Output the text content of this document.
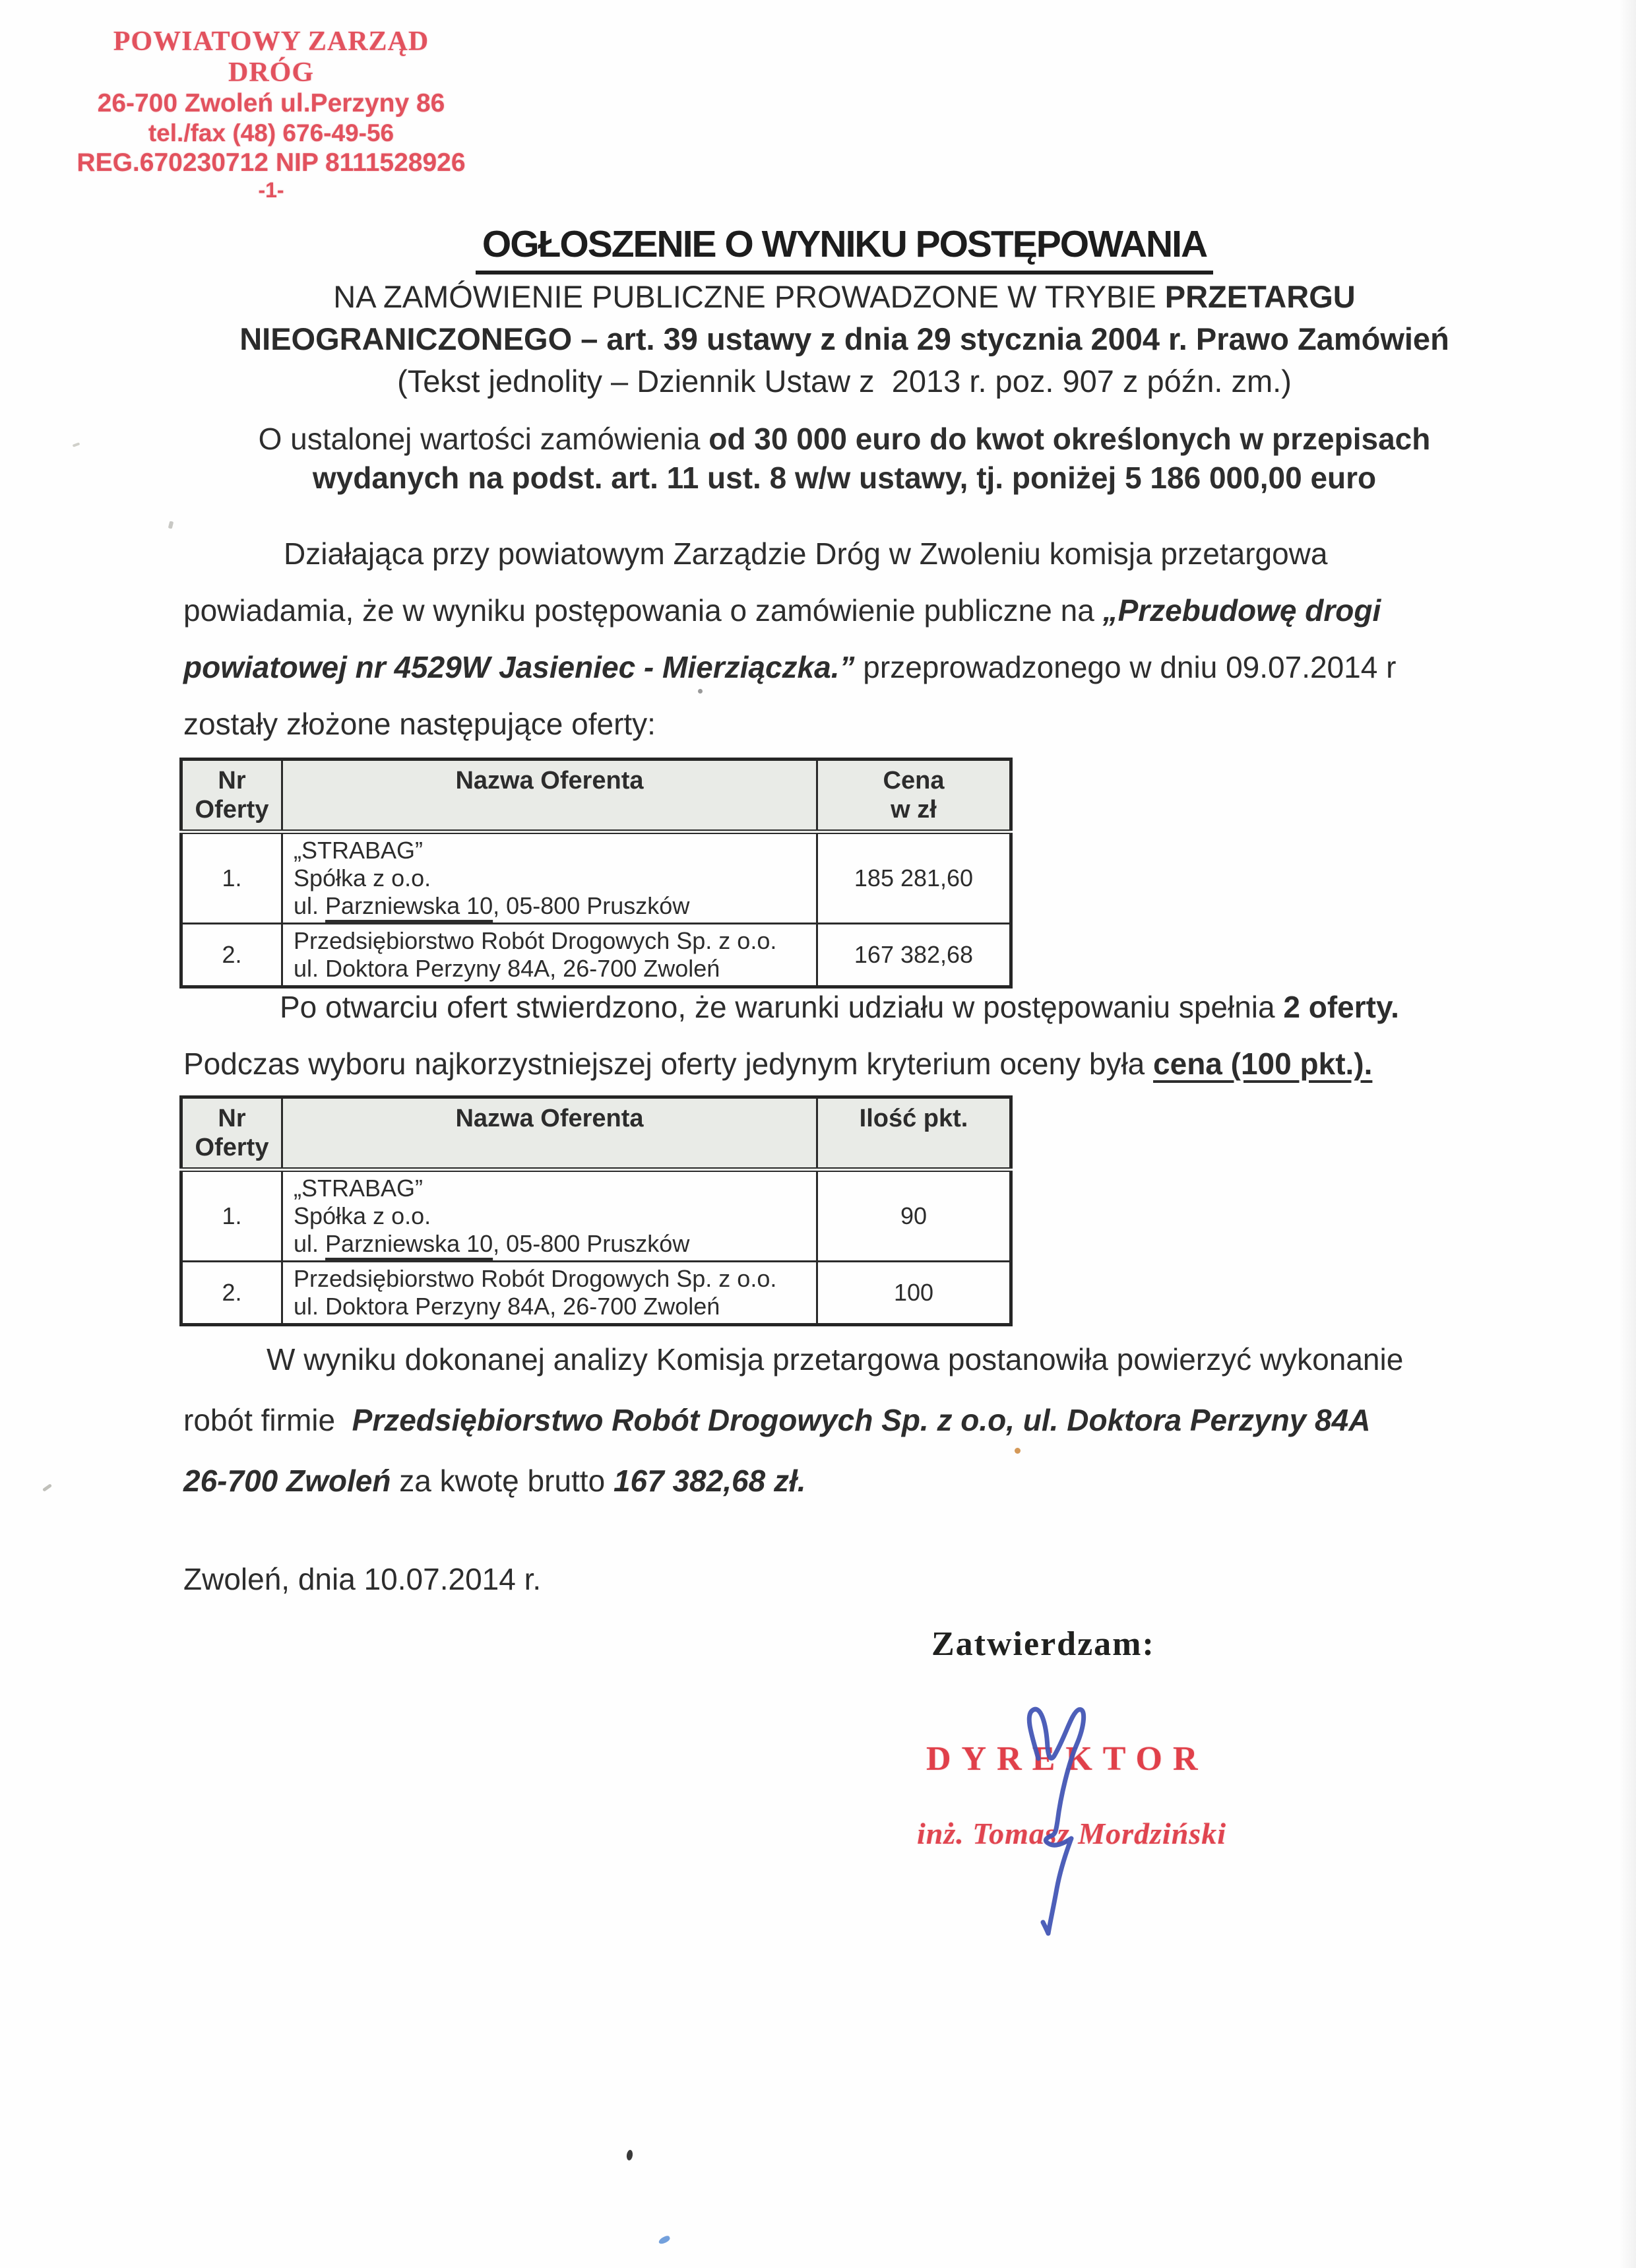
POWIATOWY ZARZĄD DRÓG
26-700 Zwoleń ul.Perzyny 86
tel./fax (48) 676-49-56
REG.670230712 NIP 8111528926
-1-
OGŁOSZENIE O WYNIKU POSTĘPOWANIA
NA ZAMÓWIENIE PUBLICZNE PROWADZONE W TRYBIE PRZETARGU
NIEOGRANICZONEGO – art. 39 ustawy z dnia 29 stycznia 2004 r. Prawo Zamówień
(Tekst jednolity – Dziennik Ustaw z  2013 r. poz. 907 z późn. zm.)
O ustalonej wartości zamówienia od 30 000 euro do kwot określonych w przepisach
wydanych na podst. art. 11 ust. 8 w/w ustawy, tj. poniżej 5 186 000,00 euro
Działająca przy powiatowym Zarządzie Dróg w Zwoleniu komisja przetargowa
powiadamia, że w wyniku postępowania o zamówienie publiczne na „Przebudowę drogi
powiatowej nr 4529W Jasieniec - Mierziączka.” przeprowadzonego w dniu 09.07.2014 r
zostały złożone następujące oferty:
Nr
Oferty	Nazwa Oferenta	Cena
w zł
1.	„STRABAG”
Spółka z o.o.
ul. Parzniewska 10, 05-800 Pruszków	185 281,60
2.	Przedsiębiorstwo Robót Drogowych Sp. z o.o.
ul. Doktora Perzyny 84A, 26-700 Zwoleń	167 382,68
Po otwarciu ofert stwierdzono, że warunki udziału w postępowaniu spełnia 2 oferty.
Podczas wyboru najkorzystniejszej oferty jedynym kryterium oceny była cena (100 pkt.).
Nr
Oferty	Nazwa Oferenta	Ilość pkt.
1.	„STRABAG”
Spółka z o.o.
ul. Parzniewska 10, 05-800 Pruszków	90
2.	Przedsiębiorstwo Robót Drogowych Sp. z o.o.
ul. Doktora Perzyny 84A, 26-700 Zwoleń	100
W wyniku dokonanej analizy Komisja przetargowa postanowiła powierzyć wykonanie
robót firmie  Przedsiębiorstwo Robót Drogowych Sp. z o.o, ul. Doktora Perzyny 84A
26-700 Zwoleń za kwotę brutto 167 382,68 zł.
Zwoleń, dnia 10.07.2014 r.
Zatwierdzam:
DYREKTOR
inż. Tomasz Mordziński
